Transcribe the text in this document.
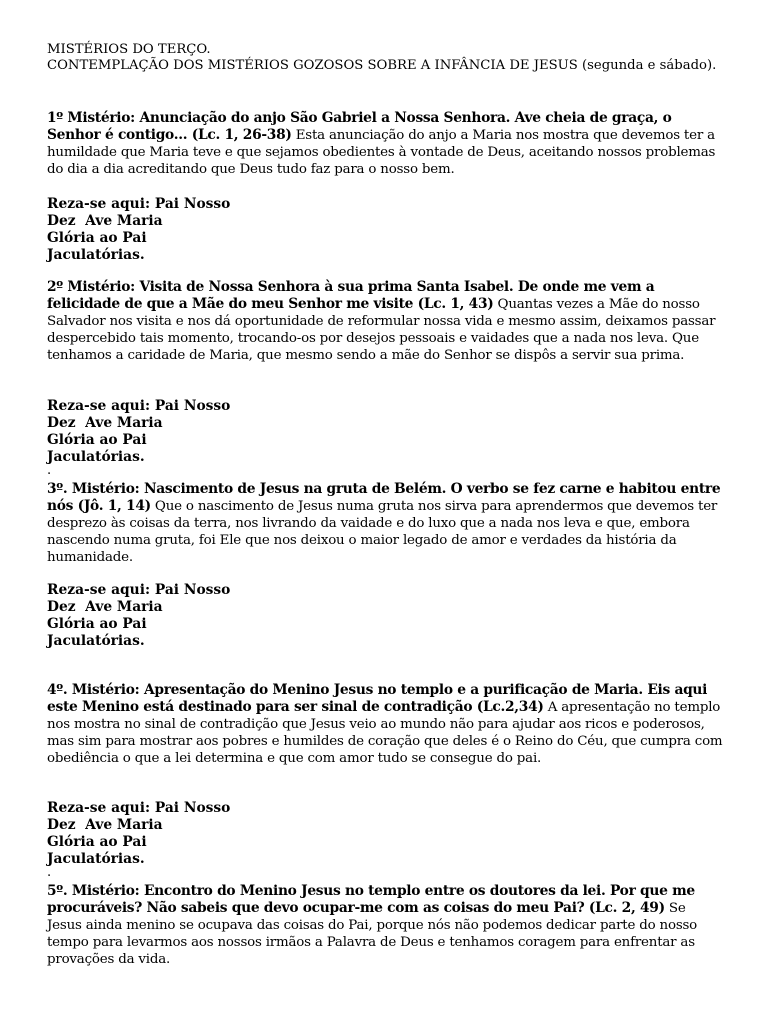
MISTÉRIOS DO TERÇO.
CONTEMPLAÇÃO DOS MISTÉRIOS GOZOSOS SOBRE A INFÂNCIA DE JESUS (segunda e sábado).
1º Mistério: Anunciação do anjo São Gabriel a Nossa Senhora. Ave cheia de graça, o Senhor é contigo... (Lc. 1, 26-38) Esta anunciação do anjo a Maria nos mostra que devemos ter a humildade que Maria teve e que sejamos obedientes à vontade de Deus, aceitando nossos problemas do dia a dia acreditando que Deus tudo faz para o nosso bem.
Reza-se aqui: Pai Nosso
Dez  Ave Maria
Glória ao Pai
Jaculatórias.
2º Mistério: Visita de Nossa Senhora à sua prima Santa Isabel. De onde me vem a felicidade de que a Mãe do meu Senhor me visite (Lc. 1, 43) Quantas vezes a Mãe do nosso Salvador nos visita e nos dá oportunidade de reformular nossa vida e mesmo assim, deixamos passar despercebido tais momento, trocando-os por desejos pessoais e vaidades que a nada nos leva. Que tenhamos a caridade de Maria, que mesmo sendo a mãe do Senhor se dispôs a servir sua prima.
Reza-se aqui: Pai Nosso
Dez  Ave Maria
Glória ao Pai
Jaculatórias.
.
3º. Mistério: Nascimento de Jesus na gruta de Belém. O verbo se fez carne e habitou entre nós (Jô. 1, 14) Que o nascimento de Jesus numa gruta nos sirva para aprendermos que devemos ter desprezo às coisas da terra, nos livrando da vaidade e do luxo que a nada nos leva e que, embora nascendo numa gruta, foi Ele que nos deixou o maior legado de amor e verdades da história da humanidade.
Reza-se aqui: Pai Nosso
Dez  Ave Maria
Glória ao Pai
Jaculatórias.
4º. Mistério: Apresentação do Menino Jesus no templo e a purificação de Maria. Eis aqui este Menino está destinado para ser sinal de contradição (Lc.2,34) A apresentação no templo nos mostra no sinal de contradição que Jesus veio ao mundo não para ajudar aos ricos e poderosos, mas sim para mostrar aos pobres e humildes de coração que deles é o Reino do Céu, que cumpra com obediência o que a lei determina e que com amor tudo se consegue do pai.
Reza-se aqui: Pai Nosso
Dez  Ave Maria
Glória ao Pai
Jaculatórias.
.
5º. Mistério: Encontro do Menino Jesus no templo entre os doutores da lei. Por que me procuráveis? Não sabeis que devo ocupar-me com as coisas do meu Pai? (Lc. 2, 49) Se Jesus ainda menino se ocupava das coisas do Pai, porque nós não podemos dedicar parte do nosso tempo para levarmos aos nossos irmãos a Palavra de Deus e tenhamos coragem para enfrentar as provações da vida.
